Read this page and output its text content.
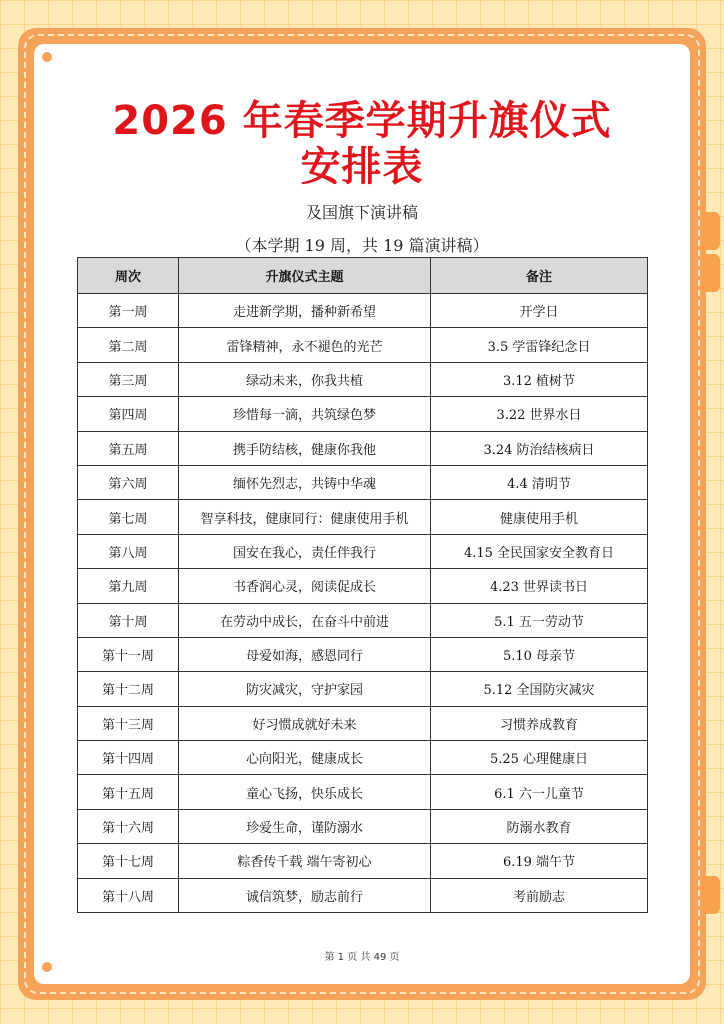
2026 年春季学期升旗仪式
安排表
及国旗下演讲稿
（本学期 19 周，共 19 篇演讲稿）
周次	升旗仪式主题	备注
第一周	走进新学期，播种新希望	开学日
第二周	雷锋精神，永不褪色的光芒	3.5 学雷锋纪念日
第三周	绿动未来，你我共植	3.12 植树节
第四周	珍惜每一滴，共筑绿色梦	3.22 世界水日
第五周	携手防结核，健康你我他	3.24 防治结核病日
第六周	缅怀先烈志，共铸中华魂	4.4 清明节
第七周	智享科技，健康同行：健康使用手机	健康使用手机
第八周	国安在我心，责任伴我行	4.15 全民国家安全教育日
第九周	书香润心灵，阅读促成长	4.23 世界读书日
第十周	在劳动中成长，在奋斗中前进	5.1 五一劳动节
第十一周	母爱如海，感恩同行	5.10 母亲节
第十二周	防灾减灾，守护家园	5.12 全国防灾减灾
第十三周	好习惯成就好未来	习惯养成教育
第十四周	心向阳光，健康成长	5.25 心理健康日
第十五周	童心飞扬，快乐成长	6.1 六一儿童节
第十六周	珍爱生命，谨防溺水	防溺水教育
第十七周	粽香传千载 端午寄初心	6.19 端午节
第十八周	诚信筑梦，励志前行	考前励志
第 1 页 共 49 页
